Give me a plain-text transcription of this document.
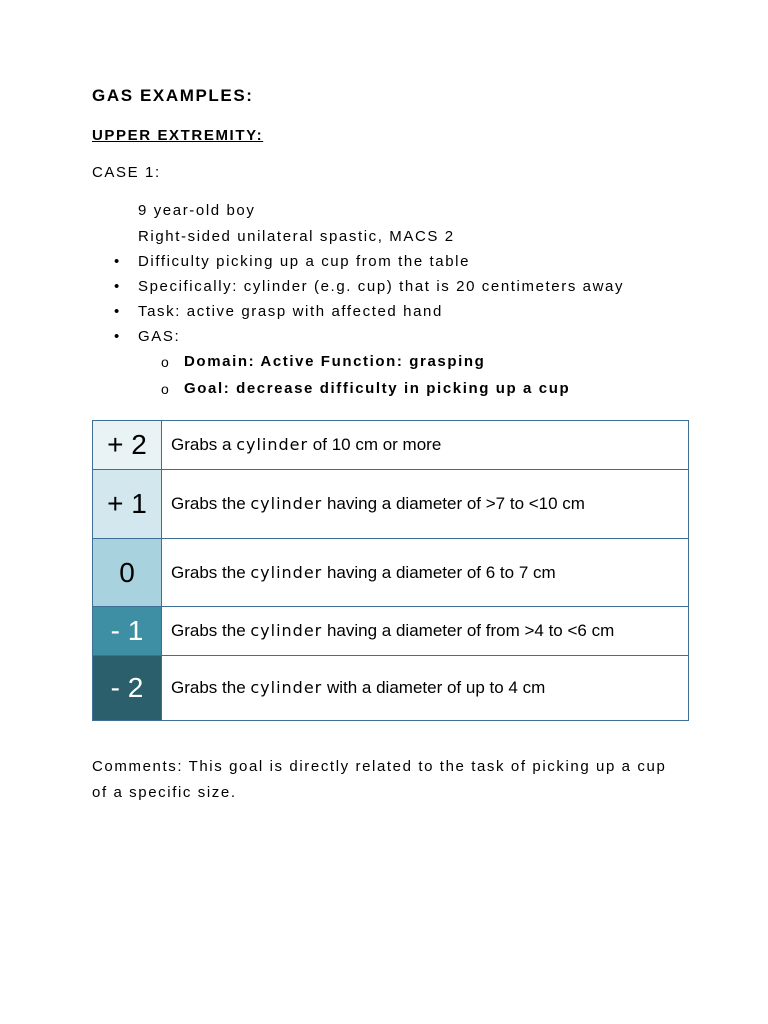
GAS EXAMPLES:
UPPER EXTREMITY:
CASE 1:
9 year-old boy
Right-sided unilateral spastic, MACS 2
• Difficulty picking up a cup from the table
• Specifically: cylinder (e.g. cup) that is 20 centimeters away
• Task: active grasp with affected hand
• GAS:
o Domain: Active Function: grasping
o Goal: decrease difficulty in picking up a cup
+ 2	Grabs a cylinder of 10 cm or more
+ 1	Grabs the cylinder having a diameter of >7 to <10 cm
0	Grabs the cylinder having a diameter of 6 to 7 cm
- 1	Grabs the cylinder having a diameter of from >4 to <6 cm
- 2	Grabs the cylinder with a diameter of up to 4 cm
Comments: This goal is directly related to the task of picking up a cup of a specific size.
